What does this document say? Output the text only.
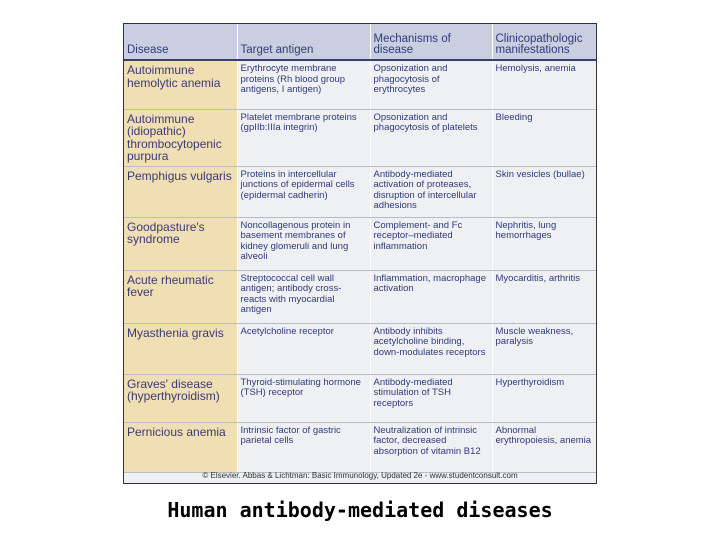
Disease	Target antigen	Mechanisms of disease	Clinicopathologic manifestations
Autoimmune hemolytic anemia	Erythrocyte membrane proteins (Rh blood group antigens, I antigen)	Opsonization and phagocytosis of erythrocytes	Hemolysis, anemia
Autoimmune (idiopathic) thrombocytopenic purpura	Platelet membrane proteins (gpIIb:IIIa integrin)	Opsonization and phagocytosis of platelets	Bleeding
Pemphigus vulgaris	Proteins in intercellular junctions of epidermal cells (epidermal cadherin)	Antibody-mediated activation of proteases, disruption of intercellular adhesions	Skin vesicles (bullae)
Goodpasture's syndrome	Noncollagenous protein in basement membranes of kidney glomeruli and lung alveoli	Complement- and Fc receptor–mediated inflammation	Nephritis, lung hemorrhages
Acute rheumatic fever	Streptococcal cell wall antigen; antibody cross-reacts with myocardial antigen	Inflammation, macrophage activation	Myocarditis, arthritis
Myasthenia gravis	Acetylcholine receptor	Antibody inhibits acetylcholine binding, down-modulates receptors	Muscle weakness, paralysis
Graves' disease (hyperthyroidism)	Thyroid-stimulating hormone (TSH) receptor	Antibody-mediated stimulation of TSH receptors	Hyperthyroidism
Pernicious anemia	Intrinsic factor of gastric parietal cells	Neutralization of intrinsic factor, decreased absorption of vitamin B12	Abnormal erythropoiesis, anemia
© Elsevier. Abbas & Lichtman: Basic Immunology, Updated 2e - www.studentconsult.com
Human antibody-mediated diseases
